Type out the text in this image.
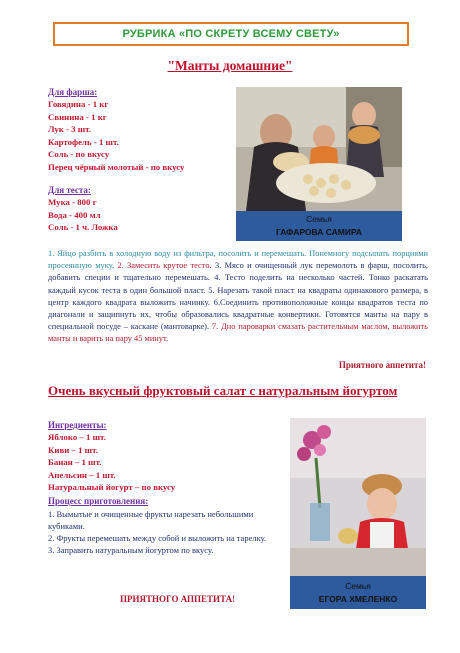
РУБРИКА «ПО СКРЕТУ ВСЕМУ СВЕТУ»
"Манты домашние"
Для фарша:
Говядина - 1 кг
Свинина - 1 кг
Лук - 3 шт.
Картофель - 1 шт.
Соль - по вкусу
Перец чёрный молотый - по вкусу
Для теста:
Мука - 800 г
Вода - 400 мл
Соль - 1 ч. Ложка
Семья
ГАФАРОВА САМИРА
1. Яйцо разбить в холодную воду из фильтра, посолить и перемешать. Понемногу подсыпать порциями просеянную муку. 2. Замесить крутое тесто. 3. Мясо и очищенный лук перемолоть в фарш, посолить, добавить специи и тщательно перемешать. 4. Тесто поделить на несколько частей. Тонко раскатать каждый кусок теста в один большой пласт. 5. Нарезать такой пласт на квадраты одинакового размера, в центр каждого квадрата выложить начинку. 6.Соединить противоположные концы квадратов теста по диагонали и защипнуть их, чтобы образовались квадратные конвертики. Готовятся манты на пару в специальной посуде – каскане (мантоварке). 7. Дно пароварки смазать растительным маслом, выложить манты и варить на пару 45 минут.
Приятного аппетита!
Очень вкусный фруктовый салат с натуральным йогуртом
Ингредиенты:
Яблоко – 1 шт.
Киви – 1 шт.
Банан – 1 шт.
Апельсин – 1 шт.
Натуральный йогурт – по вкусу
Процесс приготовления:
1. Вымытые и очищенные фрукты нарезать небольшими кубиками.
2. Фрукты перемешать между собой и выложить на тарелку.
3. Заправить натуральным йогуртом по вкусу.
Семья
ЕГОРА ХМЕЛЕНКО
ПРИЯТНОГО АППЕТИТА!
